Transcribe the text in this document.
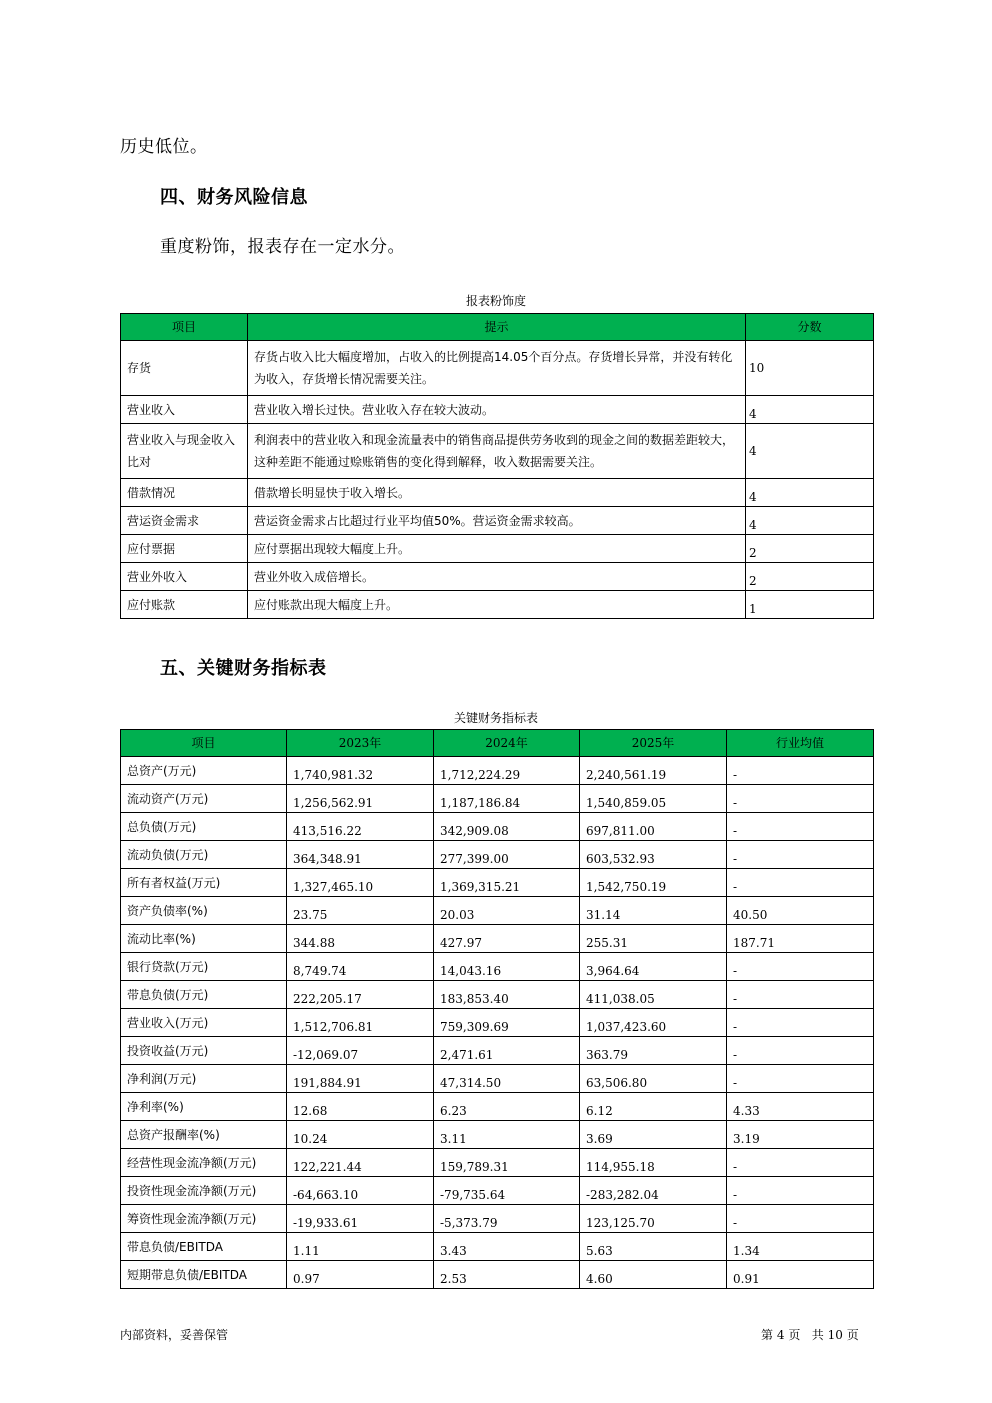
历史低位。
四、财务风险信息
重度粉饰，报表存在一定水分。
报表粉饰度
项目	提示	分数
存货	存货占收入比大幅度增加，占收入的比例提高14.05个百分点。存货增长异常，并没有转化为收入，存货增长情况需要关注。	10
营业收入	营业收入增长过快。营业收入存在较大波动。	4
营业收入与现金收入比对	利润表中的营业收入和现金流量表中的销售商品提供劳务收到的现金之间的数据差距较大，这种差距不能通过赊账销售的变化得到解释，收入数据需要关注。	4
借款情况	借款增长明显快于收入增长。	4
营运资金需求	营运资金需求占比超过行业平均值50%。营运资金需求较高。	4
应付票据	应付票据出现较大幅度上升。	2
营业外收入	营业外收入成倍增长。	2
应付账款	应付账款出现大幅度上升。	1
五、关键财务指标表
关键财务指标表
项目	2023年	2024年	2025年	行业均值
总资产(万元)	1,740,981.32	1,712,224.29	2,240,561.19	-
流动资产(万元)	1,256,562.91	1,187,186.84	1,540,859.05	-
总负债(万元)	413,516.22	342,909.08	697,811.00	-
流动负债(万元)	364,348.91	277,399.00	603,532.93	-
所有者权益(万元)	1,327,465.10	1,369,315.21	1,542,750.19	-
资产负债率(%)	23.75	20.03	31.14	40.50
流动比率(%)	344.88	427.97	255.31	187.71
银行贷款(万元)	8,749.74	14,043.16	3,964.64	-
带息负债(万元)	222,205.17	183,853.40	411,038.05	-
营业收入(万元)	1,512,706.81	759,309.69	1,037,423.60	-
投资收益(万元)	-12,069.07	2,471.61	363.79	-
净利润(万元)	191,884.91	47,314.50	63,506.80	-
净利率(%)	12.68	6.23	6.12	4.33
总资产报酬率(%)	10.24	3.11	3.69	3.19
经营性现金流净额(万元)	122,221.44	159,789.31	114,955.18	-
投资性现金流净额(万元)	-64,663.10	-79,735.64	-283,282.04	-
筹资性现金流净额(万元)	-19,933.61	-5,373.79	123,125.70	-
带息负债/EBITDA	1.11	3.43	5.63	1.34
短期带息负债/EBITDA	0.97	2.53	4.60	0.91
内部资料，妥善保管	第 4 页 共 10 页
